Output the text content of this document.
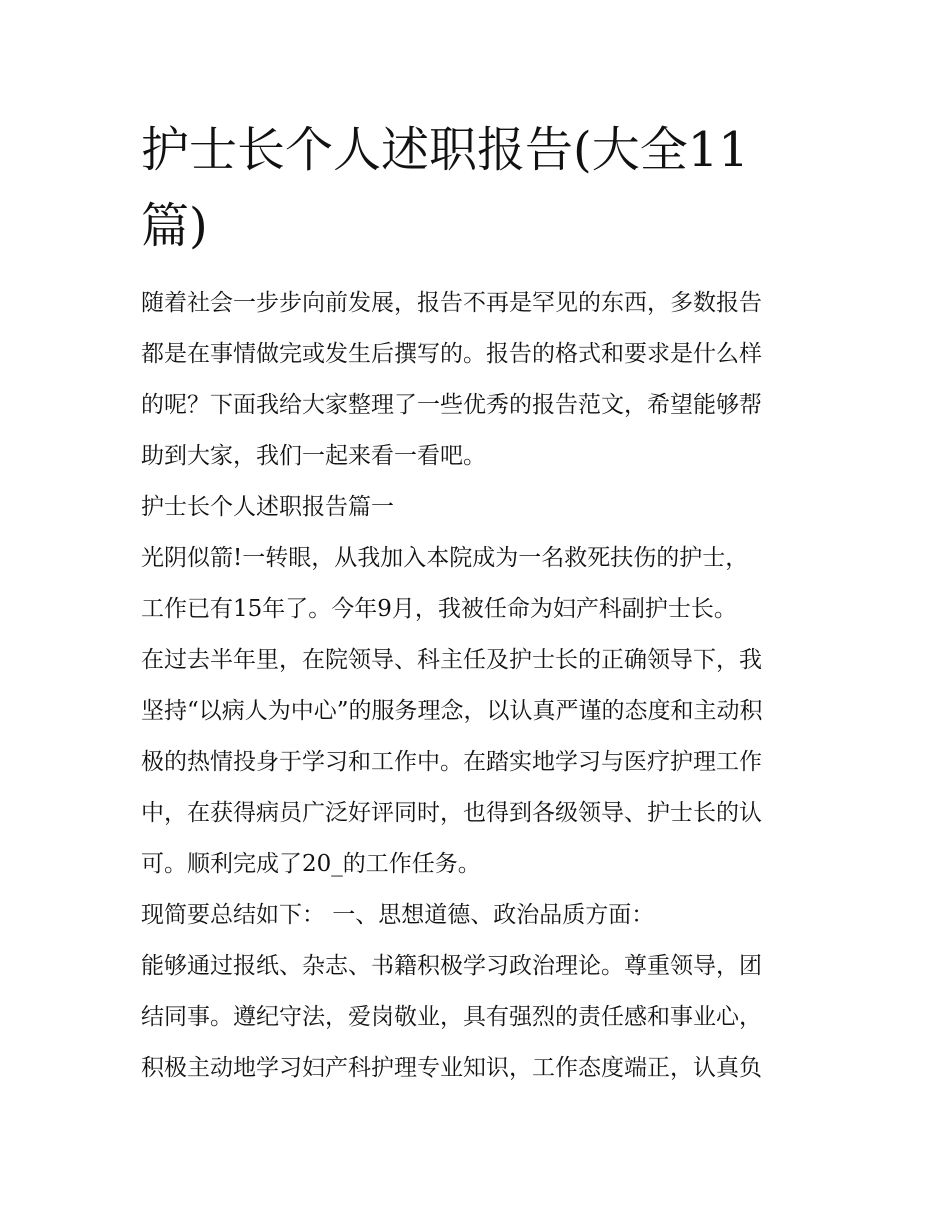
护士长个人述职报告(大全11
篇)

随着社会一步步向前发展，报告不再是罕见的东西，多数报告
都是在事情做完或发生后撰写的。报告的格式和要求是什么样
的呢？下面我给大家整理了一些优秀的报告范文，希望能够帮
助到大家，我们一起来看一看吧。

护士长个人述职报告篇一

光阴似箭!一转眼，从我加入本院成为一名救死扶伤的护士，
工作已有15年了。今年9月，我被任命为妇产科副护士长。
在过去半年里，在院领导、科主任及护士长的正确领导下，我
坚持“以病人为中心”的服务理念，以认真严谨的态度和主动积
极的热情投身于学习和工作中。在踏实地学习与医疗护理工作
中，在获得病员广泛好评同时，也得到各级领导、护士长的认
可。顺利完成了20_的工作任务。

现简要总结如下： 一、思想道德、政治品质方面：

能够通过报纸、杂志、书籍积极学习政治理论。尊重领导，团
结同事。遵纪守法，爱岗敬业，具有强烈的责任感和事业心，
积极主动地学习妇产科护理专业知识，工作态度端正，认真负
